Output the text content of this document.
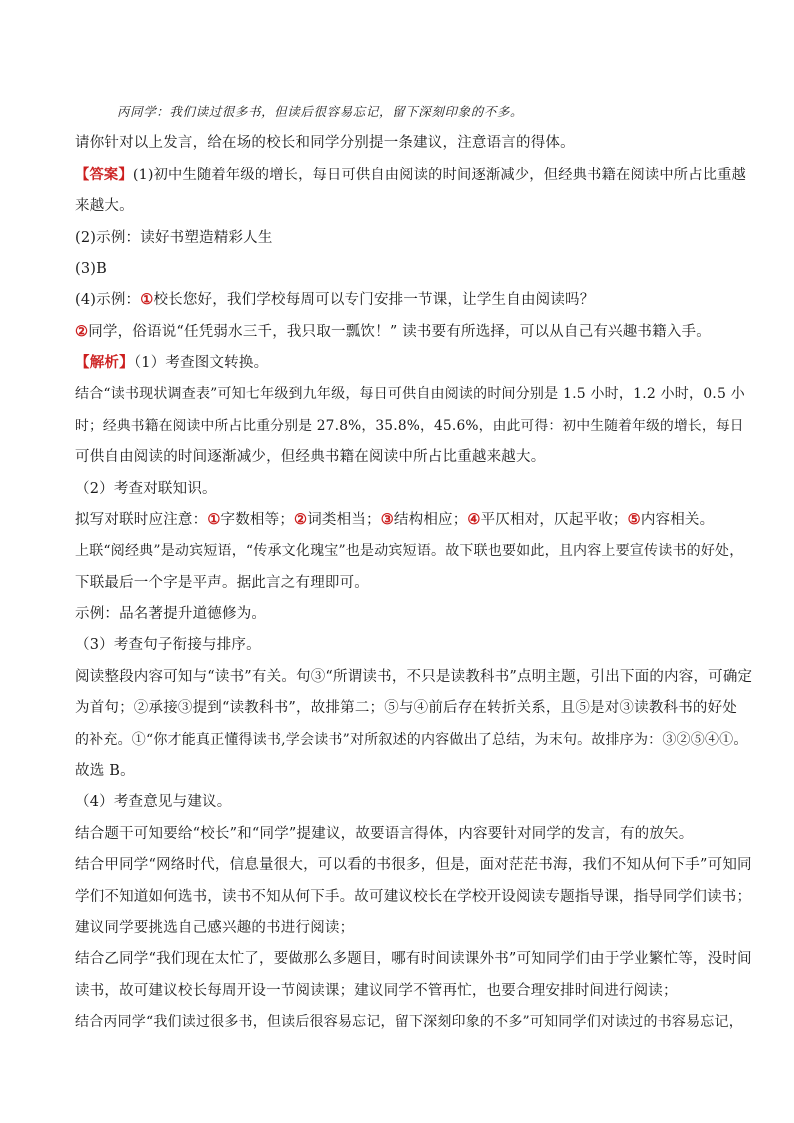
丙同学：我们读过很多书，但读后很容易忘记，留下深刻印象的不多。
请你针对以上发言，给在场的校长和同学分别提一条建议，注意语言的得体。
【答案】(1)初中生随着年级的增长，每日可供自由阅读的时间逐渐减少，但经典书籍在阅读中所占比重越
来越大。
(2)示例：读好书塑造精彩人生
(3)B
(4)示例：①校长您好，我们学校每周可以专门安排一节课，让学生自由阅读吗？
②同学，俗语说“任凭弱水三千，我只取一瓢饮！” 读书要有所选择，可以从自己有兴趣书籍入手。
【解析】（1）考查图文转换。
结合“读书现状调查表”可知七年级到九年级，每日可供自由阅读的时间分别是 1.5 小时，1.2 小时，0.5 小
时；经典书籍在阅读中所占比重分别是 27.8%，35.8%，45.6%，由此可得：初中生随着年级的增长，每日
可供自由阅读的时间逐渐减少，但经典书籍在阅读中所占比重越来越大。
（2）考查对联知识。
拟写对联时应注意：①字数相等；②词类相当；③结构相应；④平仄相对，仄起平收；⑤内容相关。
上联“阅经典”是动宾短语，“传承文化瑰宝”也是动宾短语。故下联也要如此，且内容上要宣传读书的好处，
下联最后一个字是平声。据此言之有理即可。
示例：品名著提升道德修为。
（3）考查句子衔接与排序。
阅读整段内容可知与“读书”有关。句③“所谓读书，不只是读教科书”点明主题，引出下面的内容，可确定
为首句；②承接③提到“读教科书”，故排第二；⑤与④前后存在转折关系，且⑤是对③读教科书的好处
的补充。①“你才能真正懂得读书,学会读书”对所叙述的内容做出了总结，为末句。故排序为：③②⑤④①。
故选 B。
（4）考查意见与建议。
结合题干可知要给“校长”和“同学”提建议，故要语言得体，内容要针对同学的发言，有的放矢。
结合甲同学“网络时代，信息量很大，可以看的书很多，但是，面对茫茫书海，我们不知从何下手”可知同
学们不知道如何选书，读书不知从何下手。故可建议校长在学校开设阅读专题指导课，指导同学们读书；
建议同学要挑选自己感兴趣的书进行阅读；
结合乙同学“我们现在太忙了，要做那么多题目，哪有时间读课外书”可知同学们由于学业繁忙等，没时间
读书，故可建议校长每周开设一节阅读课；建议同学不管再忙，也要合理安排时间进行阅读；
结合丙同学“我们读过很多书，但读后很容易忘记，留下深刻印象的不多”可知同学们对读过的书容易忘记，
